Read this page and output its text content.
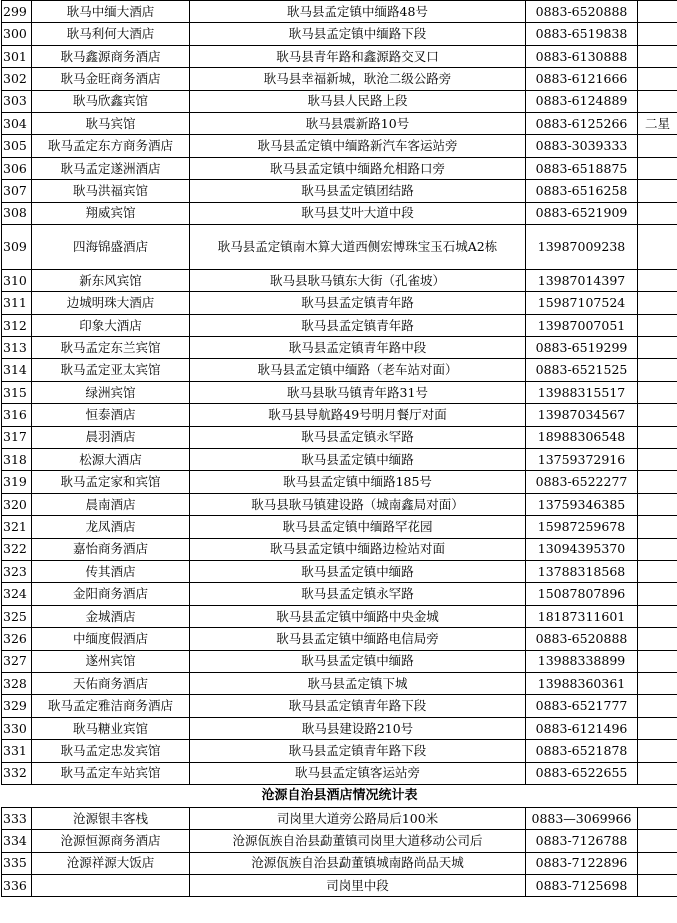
299	耿马中缅大酒店	耿马县孟定镇中缅路48号	0883-6520888	
300	耿马利何大酒店	耿马县孟定镇中缅路下段	0883-6519838	
301	耿马鑫源商务酒店	耿马县青年路和鑫源路交叉口	0883-6130888	
302	耿马金旺商务酒店	耿马县幸福新城，耿沧二级公路旁	0883-6121666	
303	耿马欣鑫宾馆	耿马县人民路上段	0883-6124889	
304	耿马宾馆	耿马县震新路10号	0883-6125266	二星
305	耿马孟定东方商务酒店	耿马县孟定镇中缅路新汽车客运站旁	0883-3039333	
306	耿马孟定遂洲酒店	耿马县孟定镇中缅路允相路口旁	0883-6518875	
307	耿马洪福宾馆	耿马县孟定镇团结路	0883-6516258	
308	翔威宾馆	耿马县艾叶大道中段	0883-6521909	
309	四海锦盛酒店	耿马县孟定镇南木算大道西侧宏博珠宝玉石城A2栋	13987009238	
310	新东风宾馆	耿马县耿马镇东大街（孔雀坡）	13987014397	
311	边城明珠大酒店	耿马县孟定镇青年路	15987107524	
312	印象大酒店	耿马县孟定镇青年路	13987007051	
313	耿马孟定东兰宾馆	耿马县孟定镇青年路中段	0883-6519299	
314	耿马孟定亚太宾馆	耿马县孟定镇中缅路（老车站对面）	0883-6521525	
315	绿洲宾馆	耿马县耿马镇青年路31号	13988315517	
316	恒泰酒店	耿马县导航路49号明月餐厅对面	13987034567	
317	晨羽酒店	耿马县孟定镇永罕路	18988306548	
318	松源大酒店	耿马县孟定镇中缅路	13759372916	
319	耿马孟定家和宾馆	耿马县孟定镇中缅路185号	0883-6522277	
320	晨南酒店	耿马县耿马镇建设路（城南鑫局对面）	13759346385	
321	龙凤酒店	耿马县孟定镇中缅路罕花园	15987259678	
322	嘉怡商务酒店	耿马县孟定镇中缅路边检站对面	13094395370	
323	传其酒店	耿马县孟定镇中缅路	13788318568	
324	金阳商务酒店	耿马县孟定镇永罕路	15087807896	
325	金城酒店	耿马县孟定镇中缅路中央金城	18187311601	
326	中缅度假酒店	耿马县孟定镇中缅路电信局旁	0883-6520888	
327	遂州宾馆	耿马县孟定镇中缅路	13988338899	
328	天佑商务酒店	耿马县孟定镇下城	13988360361	
329	耿马孟定雅洁商务酒店	耿马县孟定镇青年路下段	0883-6521777	
330	耿马糖业宾馆	耿马县建设路210号	0883-6121496	
331	耿马孟定忠发宾馆	耿马县孟定镇青年路下段	0883-6521878	
332	耿马孟定车站宾馆	耿马县孟定镇客运站旁	0883-6522655	
沧源自治县酒店情况统计表				
333	沧源银丰客栈	司岗里大道旁公路局后100米	0883—3069966	
334	沧源恒源商务酒店	沧源佤族自治县勐董镇司岗里大道移动公司后	0883-7126788	
335	沧源祥源大饭店	沧源佤族自治县勐董镇城南路尚品天城	0883-7122896	
336		司岗里中段	0883-7125698	
